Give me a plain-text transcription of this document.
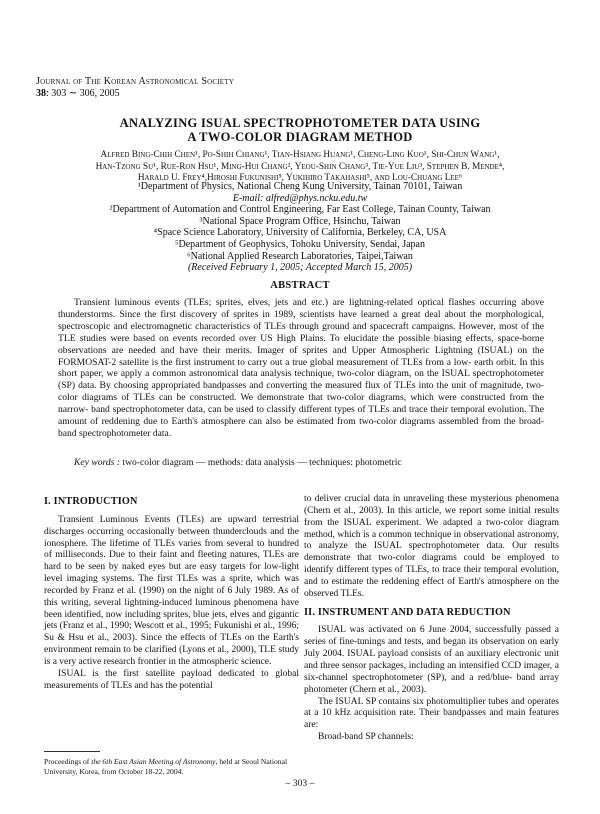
Journal of The Korean Astronomical Society
38: 303 ∼ 306, 2005
ANALYZING ISUAL SPECTROPHOTOMETER DATA USING
A TWO-COLOR DIAGRAM METHOD
Alfred Bing-Chih Chen¹, Po-Shih Chiang¹, Tian-Hsiang Huang¹, Cheng-Ling Kuo¹, Shi-Chun Wang¹,
Han-Tzong Su¹, Rue-Ron Hsu¹, Ming-Hui Chang², Yeou-Shin Chang³, Tie-Yue Liu³, Stephen B. Mende⁴,
Harald U. Frey⁴,Hiroshi Fukunishi⁵, Yukihiro Takahashi⁵, and Lou-Chuang Lee⁶
¹Department of Physics, National Cheng Kung University, Tainan 70101, Taiwan
E-mail: alfred@phys.ncku.edu.tw
²Department of Automation and Control Engineering, Far East College, Tainan County, Taiwan
³National Space Program Office, Hsinchu, Taiwan
⁴Space Science Laboratory, University of California, Berkeley, CA, USA
⁵Department of Geophysics, Tohoku University, Sendai, Japan
⁶National Applied Research Laboratories, Taipei,Taiwan
(Received February 1, 2005; Accepted March 15, 2005)
ABSTRACT

Transient luminous events (TLEs; sprites, elves, jets and etc.) are lightning-related optical flashes occurring above thunderstorms. Since the first discovery of sprites in 1989, scientists have learned a great deal about the morphological, spectroscopic and electromagnetic characteristics of TLEs through ground and spacecraft campaigns. However, most of the TLE studies were based on events recorded over US High Plains. To elucidate the possible biasing effects, space-borne observations are needed and have their merits. Imager of sprites and Upper Atmospheric Lightning (ISUAL) on the FORMOSAT-2 satellite is the first instrument to carry out a true global measurement of TLEs from a low- earth orbit. In this short paper, we apply a common astronomical data analysis technique, two-color diagram, on the ISUAL spectrophotometer (SP) data. By choosing appropriated bandpasses and converting the measured flux of TLEs into the unit of magnitude, two-color diagrams of TLEs can be constructed. We demonstrate that two-color diagrams, which were constructed from the narrow- band spectrophotometer data, can be used to classify different types of TLEs and trace their temporal evolution. The amount of reddening due to Earth's atmosphere can also be estimated from two-color diagrams assembled from the broad-band spectrophotometer data.

Key words : two-color diagram — methods: data analysis — techniques: photometric
I. INTRODUCTION

Transient Luminous Events (TLEs) are upward terrestrial discharges occurring occasionally between thunderclouds and the ionosphere. The lifetime of TLEs varies from several to hundred of milliseconds. Due to their faint and fleeting natures, TLEs are hard to be seen by naked eyes but are easy targets for low-light level imaging systems. The first TLEs was a sprite, which was recorded by Franz et al. (1990) on the night of 6 July 1989. As of this writing, several lightning-induced luminous phenomena have been identified, now including sprites, blue jets, elves and gigantic jets (Franz et al., 1990; Wescott et al., 1995; Fukunishi et al., 1996; Su & Hsu et al., 2003). Since the effects of TLEs on the Earth's environment remain to be clarified (Lyons et al., 2000), TLE study is a very active research frontier in the atmospheric science.

ISUAL is the first satellite payload dedicated to global measurements of TLEs and has the potential

to deliver crucial data in unraveling these mysterious phenomena (Chern et al., 2003). In this article, we report some initial results from the ISUAL experiment. We adapted a two-color diagram method, which is a common technique in observational astronomy, to analyze the ISUAL spectrophotometer data. Our results demonstrate that two-color diagrams could be employed to identify different types of TLEs, to trace their temporal evolution, and to estimate the reddening effect of Earth's atmosphere on the observed TLEs.

II. INSTRUMENT AND DATA REDUCTION

ISUAL was activated on 6 June 2004, successfully passed a series of fine-tunings and tests, and began its observation on early July 2004. ISUAL payload consists of an auxiliary electronic unit and three sensor packages, including an intensified CCD imager, a six-channel spectrophotometer (SP), and a red/blue- band array photometer (Chern et al., 2003).

The ISUAL SP contains six photomultiplier tubes and operates at a 10 kHz acquisition rate. Their bandpasses and main features are:

Broad-band SP channels:

Proceedings of the 6th East Asian Meeting of Astronomy, held at Seoul National University, Korea, from October 18-22, 2004.
– 303 –
